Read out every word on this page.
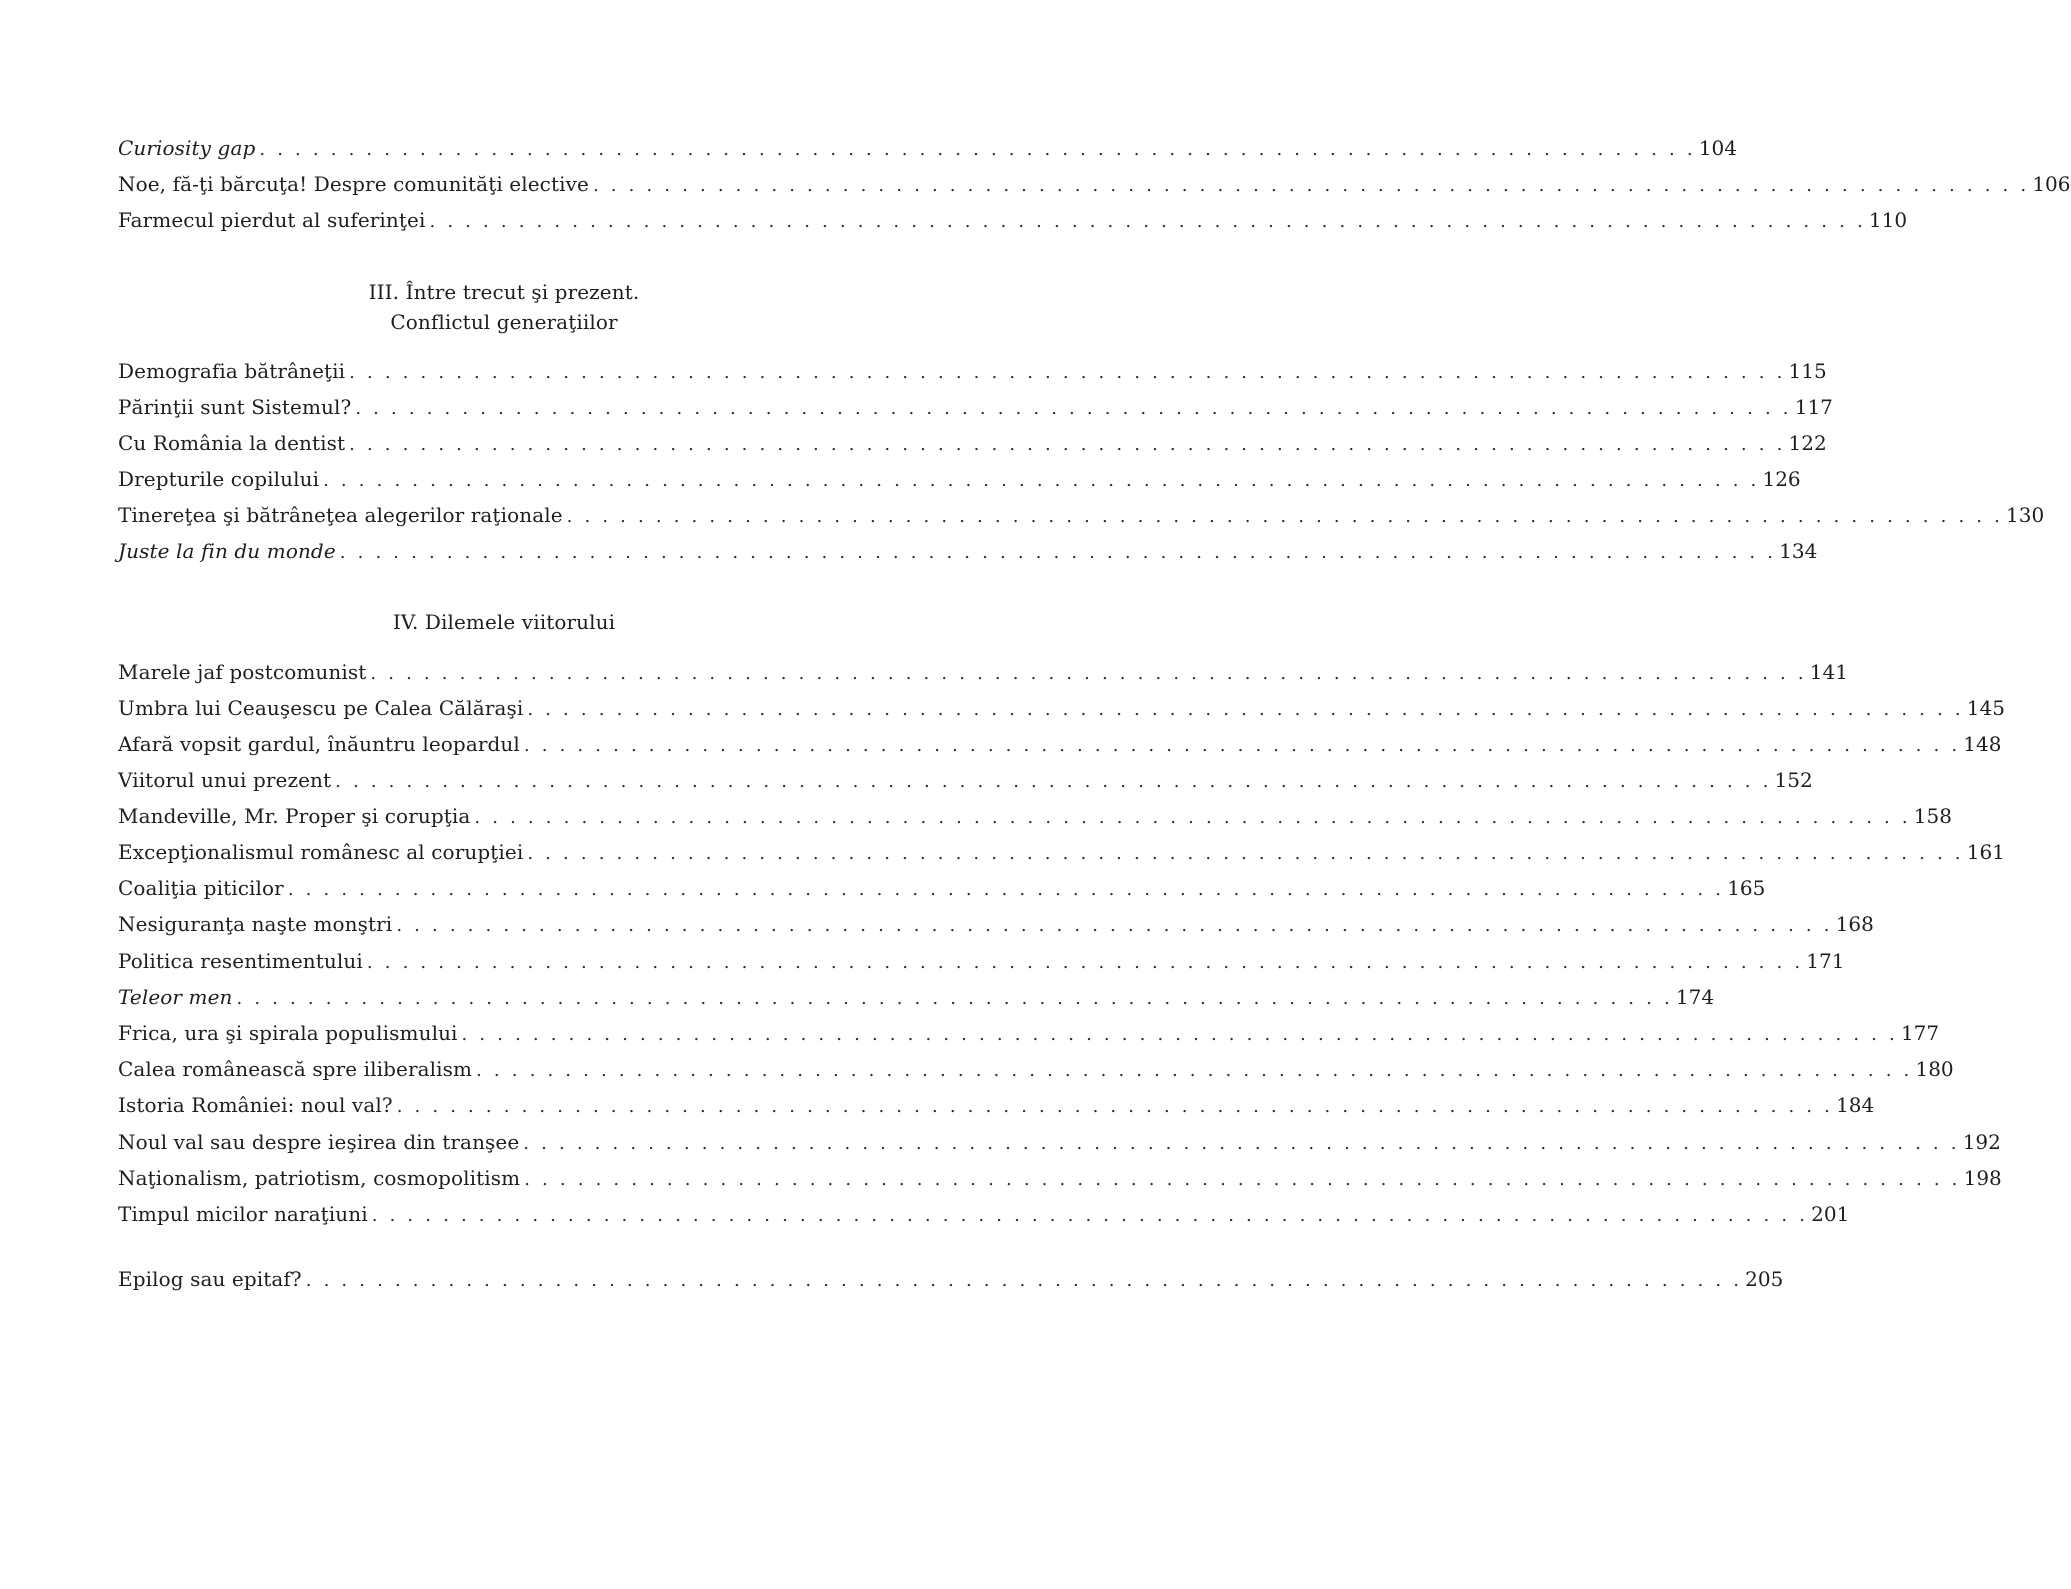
Curiosity gap . . . . . . . . . . . . . . . . . . . . . . . . . . . . . . . . . . . . . . . . . . . . . . . . . . . . . . . . . . . . . . . . . . . . . . . . . . . . . . . . . 104
Noe, fă-ţi bărcuţa! Despre comunităţi elective . . . . . . . . . . . . . . . . . . . . . . . . . . . . . . . . . . . . . . . . . . . . . . . . . . . . . . . . . . . . . . . . . . . . . . . . . . . . . . . . . 106
Farmecul pierdut al suferinţei . . . . . . . . . . . . . . . . . . . . . . . . . . . . . . . . . . . . . . . . . . . . . . . . . . . . . . . . . . . . . . . . . . . . . . . . . . . . . . . . . 110
III. Între trecut şi prezent.
Conflictul generaţiilor
Demografia bătrâneţii . . . . . . . . . . . . . . . . . . . . . . . . . . . . . . . . . . . . . . . . . . . . . . . . . . . . . . . . . . . . . . . . . . . . . . . . . . . . . . . . . 115
Părinţii sunt Sistemul? . . . . . . . . . . . . . . . . . . . . . . . . . . . . . . . . . . . . . . . . . . . . . . . . . . . . . . . . . . . . . . . . . . . . . . . . . . . . . . . . . 117
Cu România la dentist . . . . . . . . . . . . . . . . . . . . . . . . . . . . . . . . . . . . . . . . . . . . . . . . . . . . . . . . . . . . . . . . . . . . . . . . . . . . . . . . . 122
Drepturile copilului . . . . . . . . . . . . . . . . . . . . . . . . . . . . . . . . . . . . . . . . . . . . . . . . . . . . . . . . . . . . . . . . . . . . . . . . . . . . . . . . . 126
Tinereţea şi bătrâneţea alegerilor raţionale . . . . . . . . . . . . . . . . . . . . . . . . . . . . . . . . . . . . . . . . . . . . . . . . . . . . . . . . . . . . . . . . . . . . . . . . . . . . . . . . . 130
Juste la fin du monde . . . . . . . . . . . . . . . . . . . . . . . . . . . . . . . . . . . . . . . . . . . . . . . . . . . . . . . . . . . . . . . . . . . . . . . . . . . . . . . . . 134
IV. Dilemele viitorului
Marele jaf postcomunist . . . . . . . . . . . . . . . . . . . . . . . . . . . . . . . . . . . . . . . . . . . . . . . . . . . . . . . . . . . . . . . . . . . . . . . . . . . . . . . . . 141
Umbra lui Ceauşescu pe Calea Călăraşi . . . . . . . . . . . . . . . . . . . . . . . . . . . . . . . . . . . . . . . . . . . . . . . . . . . . . . . . . . . . . . . . . . . . . . . . . . . . . . . . . 145
Afară vopsit gardul, înăuntru leopardul . . . . . . . . . . . . . . . . . . . . . . . . . . . . . . . . . . . . . . . . . . . . . . . . . . . . . . . . . . . . . . . . . . . . . . . . . . . . . . . . . 148
Viitorul unui prezent . . . . . . . . . . . . . . . . . . . . . . . . . . . . . . . . . . . . . . . . . . . . . . . . . . . . . . . . . . . . . . . . . . . . . . . . . . . . . . . . . 152
Mandeville, Mr. Proper şi corupţia . . . . . . . . . . . . . . . . . . . . . . . . . . . . . . . . . . . . . . . . . . . . . . . . . . . . . . . . . . . . . . . . . . . . . . . . . . . . . . . . . 158
Excepţionalismul românesc al corupţiei . . . . . . . . . . . . . . . . . . . . . . . . . . . . . . . . . . . . . . . . . . . . . . . . . . . . . . . . . . . . . . . . . . . . . . . . . . . . . . . . . 161
Coaliţia piticilor . . . . . . . . . . . . . . . . . . . . . . . . . . . . . . . . . . . . . . . . . . . . . . . . . . . . . . . . . . . . . . . . . . . . . . . . . . . . . . . . . 165
Nesiguranţa naşte monştri . . . . . . . . . . . . . . . . . . . . . . . . . . . . . . . . . . . . . . . . . . . . . . . . . . . . . . . . . . . . . . . . . . . . . . . . . . . . . . . . . 168
Politica resentimentului . . . . . . . . . . . . . . . . . . . . . . . . . . . . . . . . . . . . . . . . . . . . . . . . . . . . . . . . . . . . . . . . . . . . . . . . . . . . . . . . . 171
Teleor men . . . . . . . . . . . . . . . . . . . . . . . . . . . . . . . . . . . . . . . . . . . . . . . . . . . . . . . . . . . . . . . . . . . . . . . . . . . . . . . . . 174
Frica, ura şi spirala populismului . . . . . . . . . . . . . . . . . . . . . . . . . . . . . . . . . . . . . . . . . . . . . . . . . . . . . . . . . . . . . . . . . . . . . . . . . . . . . . . . . 177
Calea românească spre iliberalism . . . . . . . . . . . . . . . . . . . . . . . . . . . . . . . . . . . . . . . . . . . . . . . . . . . . . . . . . . . . . . . . . . . . . . . . . . . . . . . . . 180
Istoria României: noul val? . . . . . . . . . . . . . . . . . . . . . . . . . . . . . . . . . . . . . . . . . . . . . . . . . . . . . . . . . . . . . . . . . . . . . . . . . . . . . . . . . 184
Noul val sau despre ieşirea din tranşee . . . . . . . . . . . . . . . . . . . . . . . . . . . . . . . . . . . . . . . . . . . . . . . . . . . . . . . . . . . . . . . . . . . . . . . . . . . . . . . . . 192
Naţionalism, patriotism, cosmopolitism . . . . . . . . . . . . . . . . . . . . . . . . . . . . . . . . . . . . . . . . . . . . . . . . . . . . . . . . . . . . . . . . . . . . . . . . . . . . . . . . . 198
Timpul micilor naraţiuni . . . . . . . . . . . . . . . . . . . . . . . . . . . . . . . . . . . . . . . . . . . . . . . . . . . . . . . . . . . . . . . . . . . . . . . . . . . . . . . . . 201
Epilog sau epitaf? . . . . . . . . . . . . . . . . . . . . . . . . . . . . . . . . . . . . . . . . . . . . . . . . . . . . . . . . . . . . . . . . . . . . . . . . . . . . . . . . . 205
